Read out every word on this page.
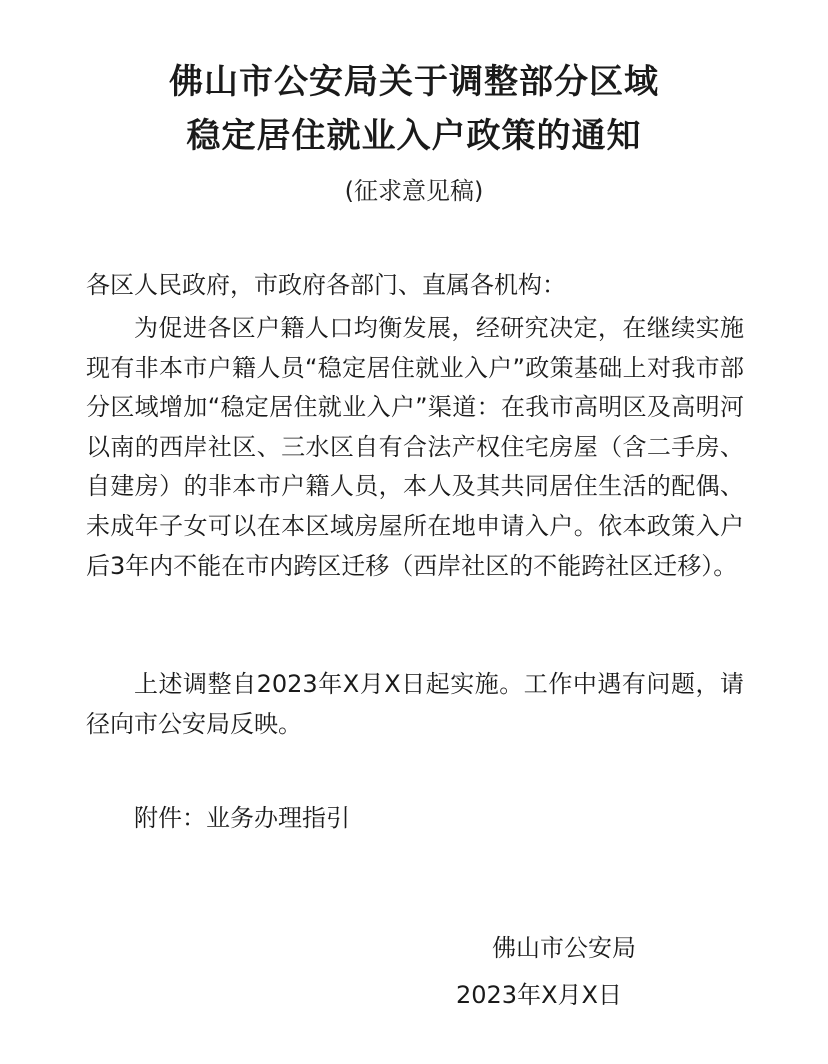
佛山市公安局关于调整部分区域
稳定居住就业入户政策的通知
(征求意见稿)
各区人民政府，市政府各部门、直属各机构：
为促进各区户籍人口均衡发展，经研究决定，在继续实施现有非本市户籍人员“稳定居住就业入户”政策基础上对我市部分区域增加“稳定居住就业入户”渠道：在我市高明区及高明河以南的西岸社区、三水区自有合法产权住宅房屋（含二手房、自建房）的非本市户籍人员，本人及其共同居住生活的配偶、未成年子女可以在本区域房屋所在地申请入户。依本政策入户后3年内不能在市内跨区迁移（西岸社区的不能跨社区迁移）。
上述调整自2023年X月X日起实施。工作中遇有问题，请径向市公安局反映。
附件：业务办理指引
佛山市公安局
2023年X月X日
